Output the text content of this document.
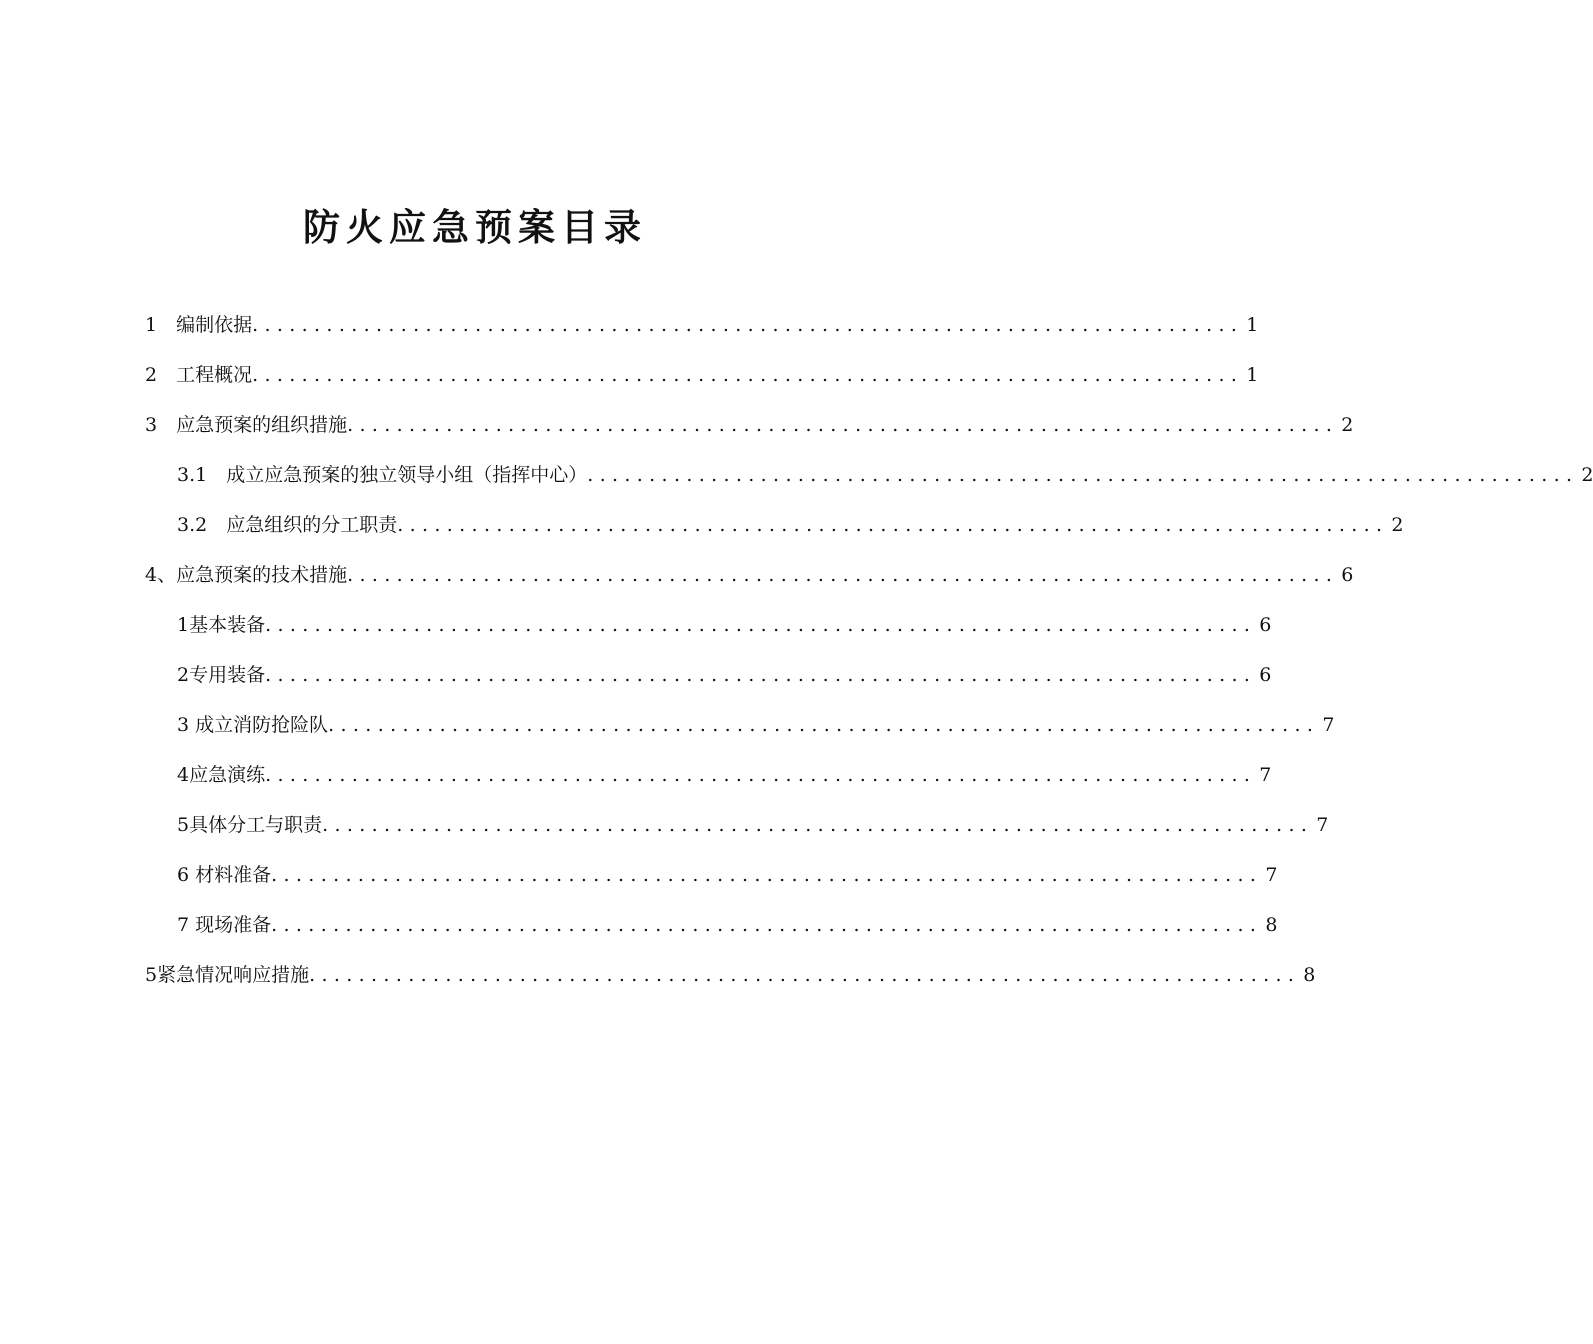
防火应急预案目录
1　编制依据 ................................................................................ 1
2　工程概况 ................................................................................ 1
3　应急预案的组织措施 ................................................................................ 2
3.1　成立应急预案的独立领导小组（指挥中心） ................................................................................ 2
3.2　应急组织的分工职责 ................................................................................ 2
4、应急预案的技术措施 ................................................................................ 6
1基本装备 ................................................................................ 6
2专用装备 ................................................................................ 6
3 成立消防抢险队 ................................................................................ 7
4应急演练 ................................................................................ 7
5具体分工与职责 ................................................................................ 7
6 材料准备 ................................................................................ 7
7 现场准备 ................................................................................ 8
5紧急情况响应措施 ................................................................................ 8
